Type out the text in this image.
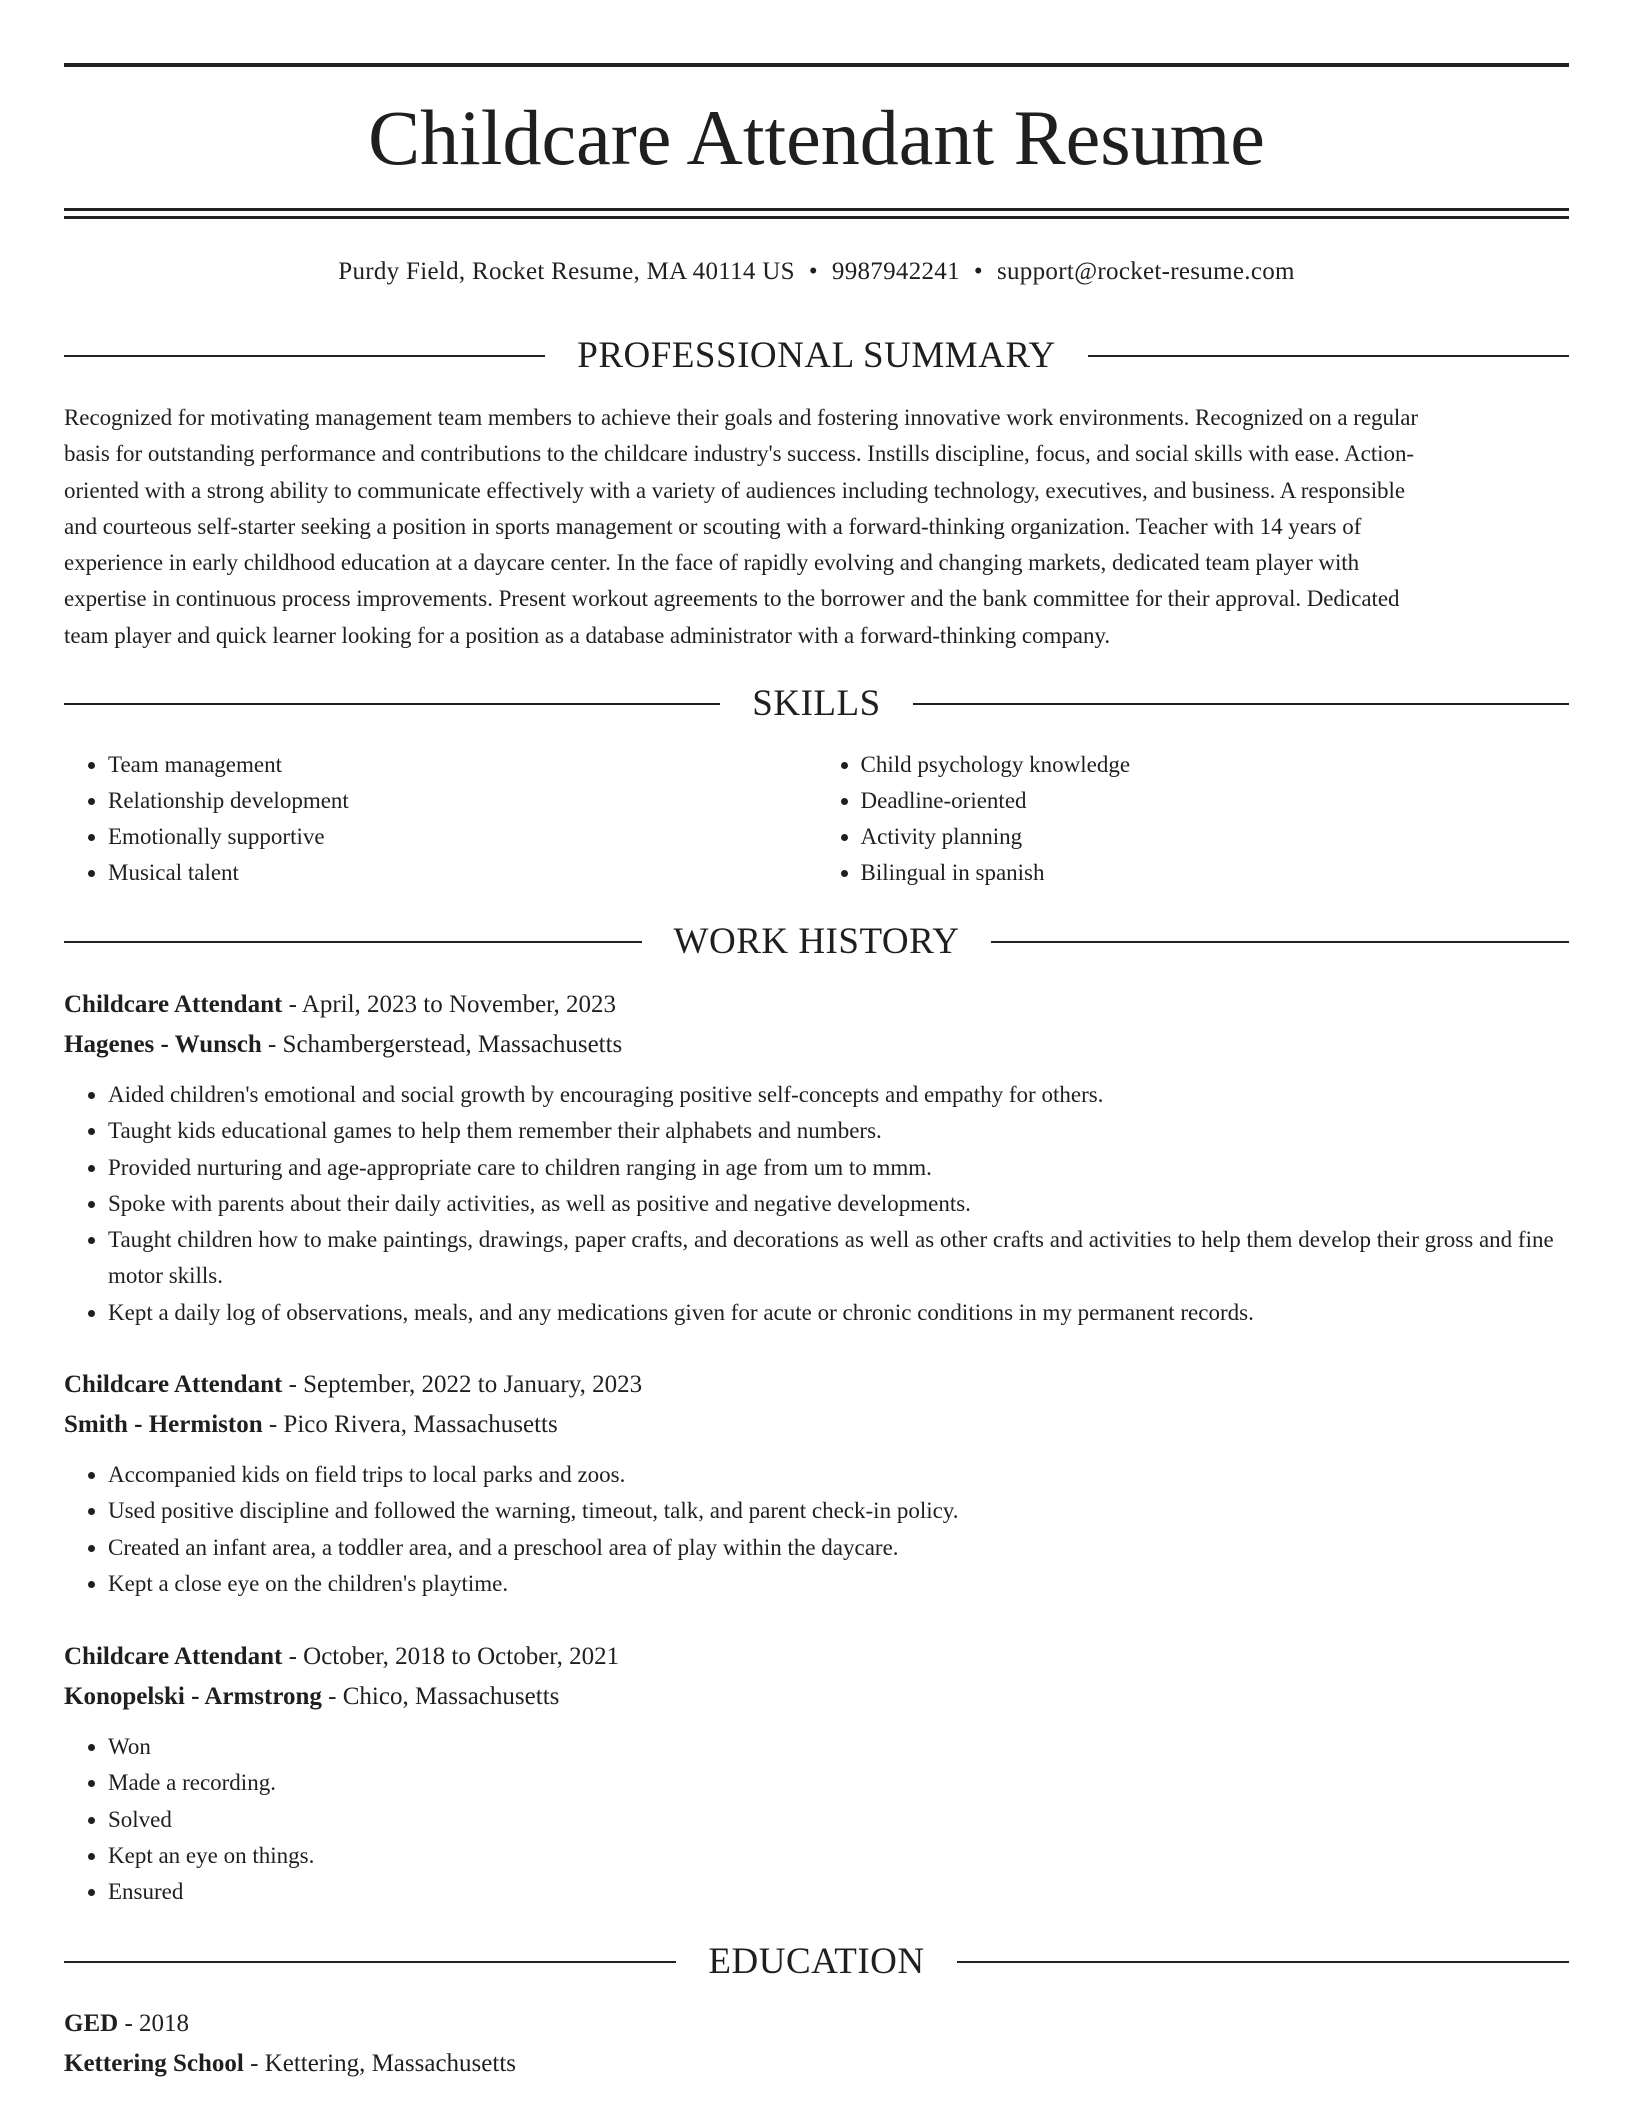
Childcare Attendant Resume
Purdy Field, Rocket Resume, MA 40114 US • 9987942241 • support@rocket-resume.com
PROFESSIONAL SUMMARY
Recognized for motivating management team members to achieve their goals and fostering innovative work environments. Recognized on a regular
basis for outstanding performance and contributions to the childcare industry's success. Instills discipline, focus, and social skills with ease. Action-
oriented with a strong ability to communicate effectively with a variety of audiences including technology, executives, and business. A responsible
and courteous self-starter seeking a position in sports management or scouting with a forward-thinking organization. Teacher with 14 years of
experience in early childhood education at a daycare center. In the face of rapidly evolving and changing markets, dedicated team player with
expertise in continuous process improvements. Present workout agreements to the borrower and the bank committee for their approval. Dedicated
team player and quick learner looking for a position as a database administrator with a forward-thinking company.
SKILLS
• Team management
• Relationship development
• Emotionally supportive
• Musical talent
• Child psychology knowledge
• Deadline-oriented
• Activity planning
• Bilingual in spanish
WORK HISTORY
Childcare Attendant - April, 2023 to November, 2023
Hagenes - Wunsch - Schambergerstead, Massachusetts
• Aided children's emotional and social growth by encouraging positive self-concepts and empathy for others.
• Taught kids educational games to help them remember their alphabets and numbers.
• Provided nurturing and age-appropriate care to children ranging in age from um to mmm.
• Spoke with parents about their daily activities, as well as positive and negative developments.
• Taught children how to make paintings, drawings, paper crafts, and decorations as well as other crafts and activities to help them develop their gross and fine motor skills.
• Kept a daily log of observations, meals, and any medications given for acute or chronic conditions in my permanent records.
Childcare Attendant - September, 2022 to January, 2023
Smith - Hermiston - Pico Rivera, Massachusetts
• Accompanied kids on field trips to local parks and zoos.
• Used positive discipline and followed the warning, timeout, talk, and parent check-in policy.
• Created an infant area, a toddler area, and a preschool area of play within the daycare.
• Kept a close eye on the children's playtime.
Childcare Attendant - October, 2018 to October, 2021
Konopelski - Armstrong - Chico, Massachusetts
• Won
• Made a recording.
• Solved
• Kept an eye on things.
• Ensured
EDUCATION
GED - 2018
Kettering School - Kettering, Massachusetts
